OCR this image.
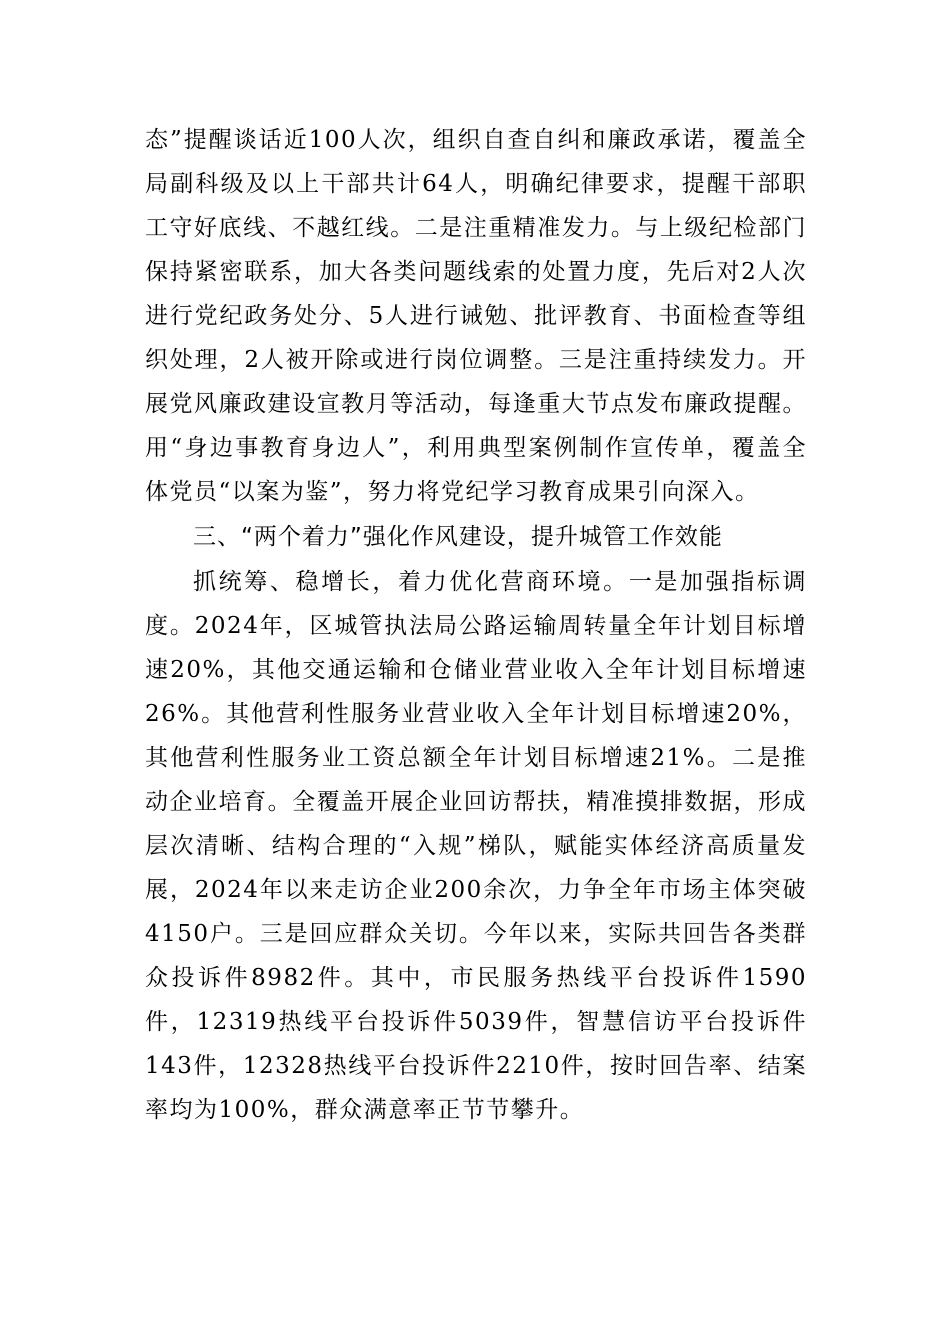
态”提醒谈话近100人次，组织自查自纠和廉政承诺，覆盖全局副科级及以上干部共计64人，明确纪律要求，提醒干部职工守好底线、不越红线。二是注重精准发力。与上级纪检部门保持紧密联系，加大各类问题线索的处置力度，先后对2人次进行党纪政务处分、5人进行诫勉、批评教育、书面检查等组织处理，2人被开除或进行岗位调整。三是注重持续发力。开展党风廉政建设宣教月等活动，每逢重大节点发布廉政提醒。用“身边事教育身边人”，利用典型案例制作宣传单，覆盖全体党员“以案为鉴”，努力将党纪学习教育成果引向深入。

三、“两个着力”强化作风建设，提升城管工作效能

抓统筹、稳增长，着力优化营商环境。一是加强指标调度。2024年，区城管执法局公路运输周转量全年计划目标增速20%，其他交通运输和仓储业营业收入全年计划目标增速26%。其他营利性服务业营业收入全年计划目标增速20%，其他营利性服务业工资总额全年计划目标增速21%。二是推动企业培育。全覆盖开展企业回访帮扶，精准摸排数据，形成层次清晰、结构合理的“入规”梯队，赋能实体经济高质量发展，2024年以来走访企业200余次，力争全年市场主体突破4150户。三是回应群众关切。今年以来，实际共回告各类群众投诉件8982件。其中，市民服务热线平台投诉件1590件，12319热线平台投诉件5039件，智慧信访平台投诉件143件，12328热线平台投诉件2210件，按时回告率、结案率均为100%，群众满意率正节节攀升。
